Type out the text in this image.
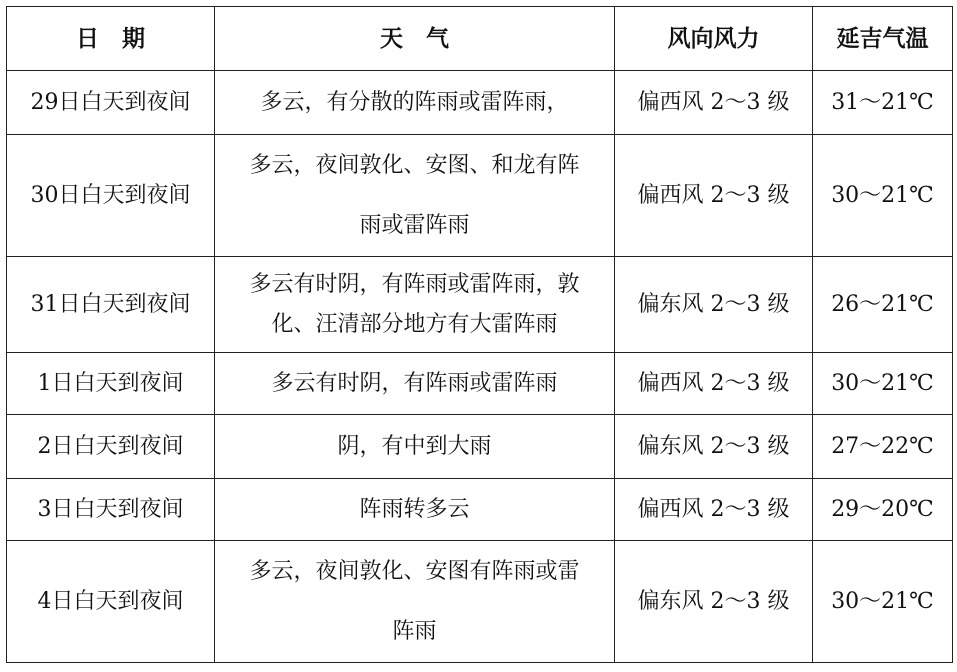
日　期	天　气	风向风力	延吉气温
29日白天到夜间	多云，有分散的阵雨或雷阵雨，	偏西风 2～3 级	31～21℃
30日白天到夜间	多云，夜间敦化、安图、和龙有阵
雨或雷阵雨	偏西风 2～3 级	30～21℃
31日白天到夜间	多云有时阴，有阵雨或雷阵雨，敦
化、汪清部分地方有大雷阵雨	偏东风 2～3 级	26～21℃
1日白天到夜间	多云有时阴，有阵雨或雷阵雨	偏西风 2～3 级	30～21℃
2日白天到夜间	阴，有中到大雨	偏东风 2～3 级	27～22℃
3日白天到夜间	阵雨转多云	偏西风 2～3 级	29～20℃
4日白天到夜间	多云，夜间敦化、安图有阵雨或雷
阵雨	偏东风 2～3 级	30～21℃
